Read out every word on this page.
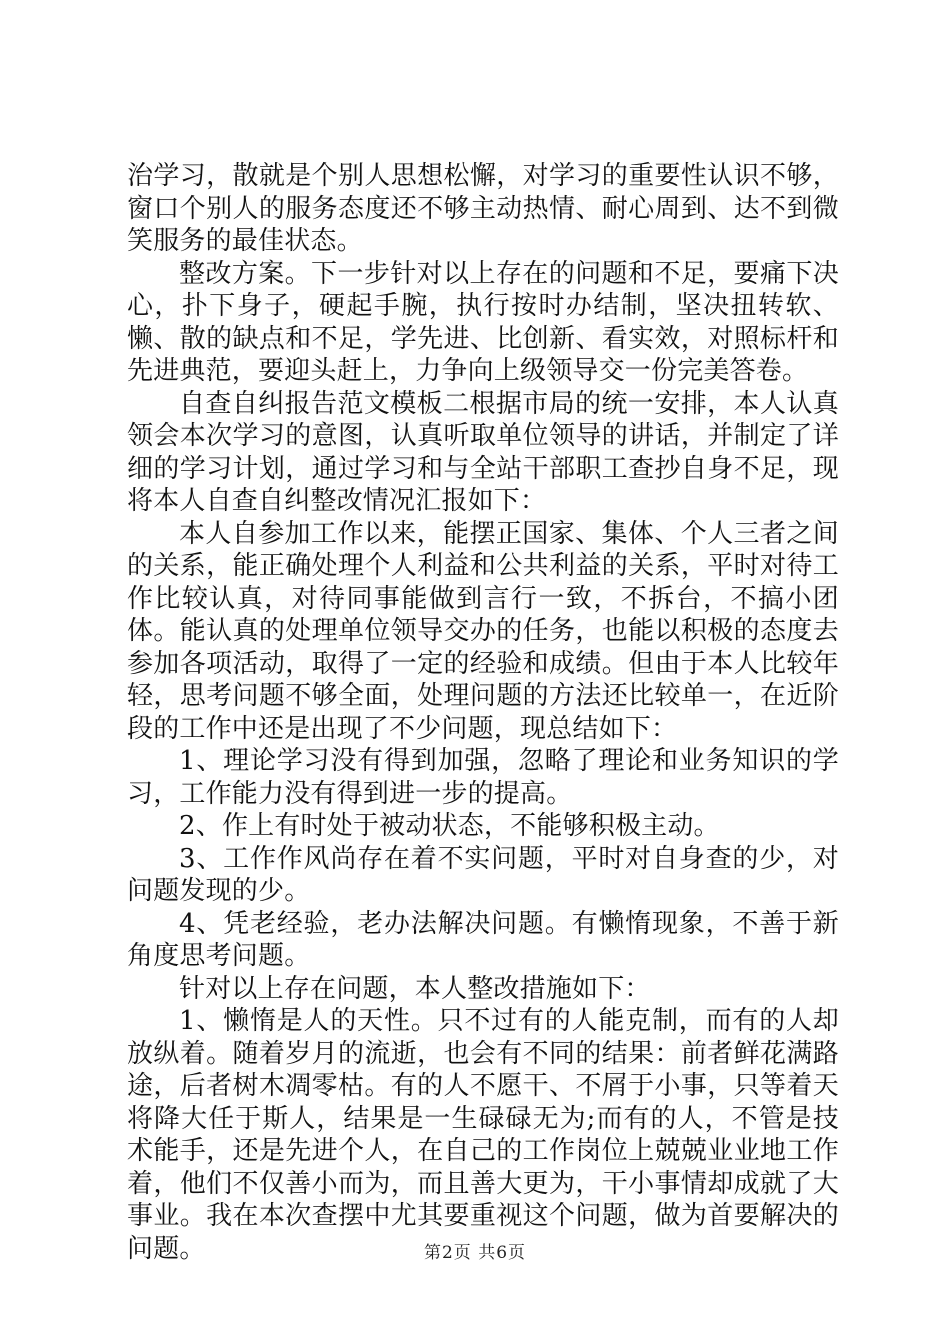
治学习，散就是个别人思想松懈，对学习的重要性认识不够，窗口个别人的服务态度还不够主动热情、耐心周到、达不到微笑服务的最佳状态。

整改方案。下一步针对以上存在的问题和不足，要痛下决心，扑下身子，硬起手腕，执行按时办结制，坚决扭转软、懒、散的缺点和不足，学先进、比创新、看实效，对照标杆和先进典范，要迎头赶上，力争向上级领导交一份完美答卷。

自查自纠报告范文模板二根据市局的统一安排，本人认真领会本次学习的意图，认真听取单位领导的讲话，并制定了详细的学习计划，通过学习和与全站干部职工查抄自身不足，现将本人自查自纠整改情况汇报如下：

本人自参加工作以来，能摆正国家、集体、个人三者之间的关系，能正确处理个人利益和公共利益的关系，平时对待工作比较认真，对待同事能做到言行一致，不拆台，不搞小团体。能认真的处理单位领导交办的任务，也能以积极的态度去参加各项活动，取得了一定的经验和成绩。但由于本人比较年轻，思考问题不够全面，处理问题的方法还比较单一，在近阶段的工作中还是出现了不少问题，现总结如下：

1、理论学习没有得到加强，忽略了理论和业务知识的学习，工作能力没有得到进一步的提高。

2、作上有时处于被动状态，不能够积极主动。

3、工作作风尚存在着不实问题，平时对自身查的少，对问题发现的少。

4、凭老经验，老办法解决问题。有懒惰现象，不善于新角度思考问题。

针对以上存在问题，本人整改措施如下：

1、懒惰是人的天性。只不过有的人能克制，而有的人却放纵着。随着岁月的流逝，也会有不同的结果：前者鲜花满路途，后者树木凋零枯。有的人不愿干、不屑于小事，只等着天将降大任于斯人，结果是一生碌碌无为;而有的人，不管是技术能手，还是先进个人，在自己的工作岗位上兢兢业业地工作着，他们不仅善小而为，而且善大更为，干小事情却成就了大事业。我在本次查摆中尤其要重视这个问题，做为首要解决的问题。	第2页 共6页
